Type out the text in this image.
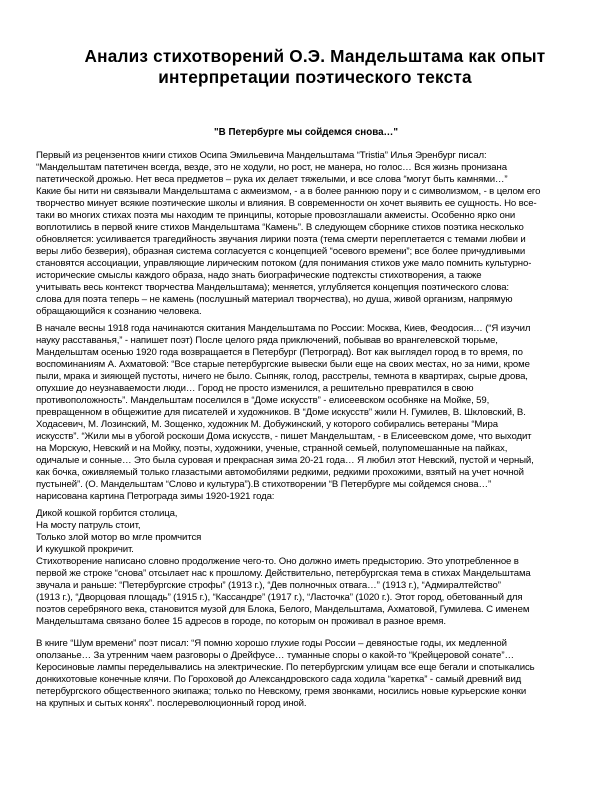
Анализ стихотворений О.Э. Мандельштама как опыт
интерпретации поэтического текста
"В Петербурге мы сойдемся снова…"
Первый из рецензентов книги стихов Осипа Эмильевича Мандельштама “Tristia” Илья Эренбург писал:
“Мандельштам патетичен всегда, везде, это не ходули, но рост, не манера, но голос… Вся жизнь пронизана
патетической дрожью. Нет веса предметов – рука их делает тяжелыми, и все слова “могут быть камнями…”
Какие бы нити ни связывали Мандельштама с акмеизмом, - а в более раннюю пору и с символизмом, - в целом его
творчество минует всякие поэтические школы и влияния. В современности он хочет выявить ее сущность. Но все-
таки во многих стихах поэта мы находим те принципы, которые провозглашали акмеисты. Особенно ярко они
воплотились в первой книге стихов Мандельштама “Камень”. В следующем сборнике стихов поэтика несколько
обновляется: усиливается трагедийность звучания лирики поэта (тема смерти переплетается с темами любви и
веры либо безверия), образная система согласуется с концепцией “осевого времени”; все более причудливыми
становятся ассоциации, управляющие лирическим потоком (для понимания стихов уже мало помнить культурно-
исторические смыслы каждого образа, надо знать биографические подтексты стихотворения, а также
учитывать весь контекст творчества Мандельштама); меняется, углубляется концепция поэтического слова:
слова для поэта теперь – не камень (послушный материал творчества), но душа, живой организм, напрямую
обращающийся к сознанию человека.
В начале весны 1918 года начинаются скитания Мандельштама по России: Москва, Киев, Феодосия… (“Я изучил
науку расставанья,” - напишет поэт) После целого ряда приключений, побывав во врангелевской тюрьме,
Мандельштам осенью 1920 года возвращается в Петербург (Петроград). Вот как выглядел город в то время, по
воспоминаниям А. Ахматовой: “Все старые петербургские вывески были еще на своих местах, но за ними, кроме
пыли, мрака и зияющей пустоты, ничего не было. Сыпняк, голод, расстрелы, темнота в квартирах, сырые дрова,
опухшие до неузнаваемости люди… Город не просто изменился, а решительно превратился в свою
противоположность”. Мандельштам поселился в “Доме искусств” - елисеевском особняке на Мойке, 59,
превращенном в общежитие для писателей и художников. В “Доме искусств” жили Н. Гумилев, В. Шкловский, В.
Ходасевич, М. Лозинский, М. Зощенко, художник М. Добужинский, у которого собирались ветераны “Мира
искусств”. “Жили мы в убогой роскоши Дома искусств, - пишет Мандельштам, - в Елисеевском доме, что выходит
на Морскую, Невский и на Мойку, поэты, художники, ученые, странной семьей, полупомешанные на пайках,
одичалые и сонные… Это была суровая и прекрасная зима 20-21 года… Я любил этот Невский, пустой и черный,
как бочка, оживляемый только глазастыми автомобилями редкими, редкими прохожими, взятый на учет ночной
пустыней”. (О. Мандельштам “Слово и культура”).В стихотворении “В Петербурге мы сойдемся снова…”
нарисована картина Петрограда зимы 1920-1921 года:
Дикой кошкой горбится столица,
На мосту патруль стоит,
Только злой мотор во мгле промчится
И кукушкой прокричит.
Стихотворение написано словно продолжение чего-то. Оно должно иметь предысторию. Это употребленное в
первой же строке “снова” отсылает нас к прошлому. Действительно, петербургская тема в стихах Мандельштама
звучала и раньше: “Петербургские строфы” (1913 г.), “Дев полночных отвага…” (1913 г.), “Адмиралтейство”
(1913 г.), “Дворцовая площадь” (1915 г.), “Кассандре” (1917 г.), “Ласточка” (1020 г.). Этот город, обетованный для
поэтов серебряного века, становится музой для Блока, Белого, Мандельштама, Ахматовой, Гумилева. С именем
Мандельштама связано более 15 адресов в городе, по которым он проживал в разное время.
В книге “Шум времени” поэт писал: “Я помню хорошо глухие годы России – девяностые годы, их медленной
оползанье… За утренним чаем разговоры о Дрейфусе… туманные споры о какой-то “Крейцеровой сонате”…
Керосиновые лампы переделывались на электрические. По петербургским улицам все еще бегали и спотыкались
донкихотовые конечные клячи. По Гороховой до Александровского сада ходила “каретка” - самый древний вид
петербургского общественного экипажа; только по Невскому, гремя звонками, носились новые курьерские конки
на крупных и сытых конях”. послереволюционный город иной.
